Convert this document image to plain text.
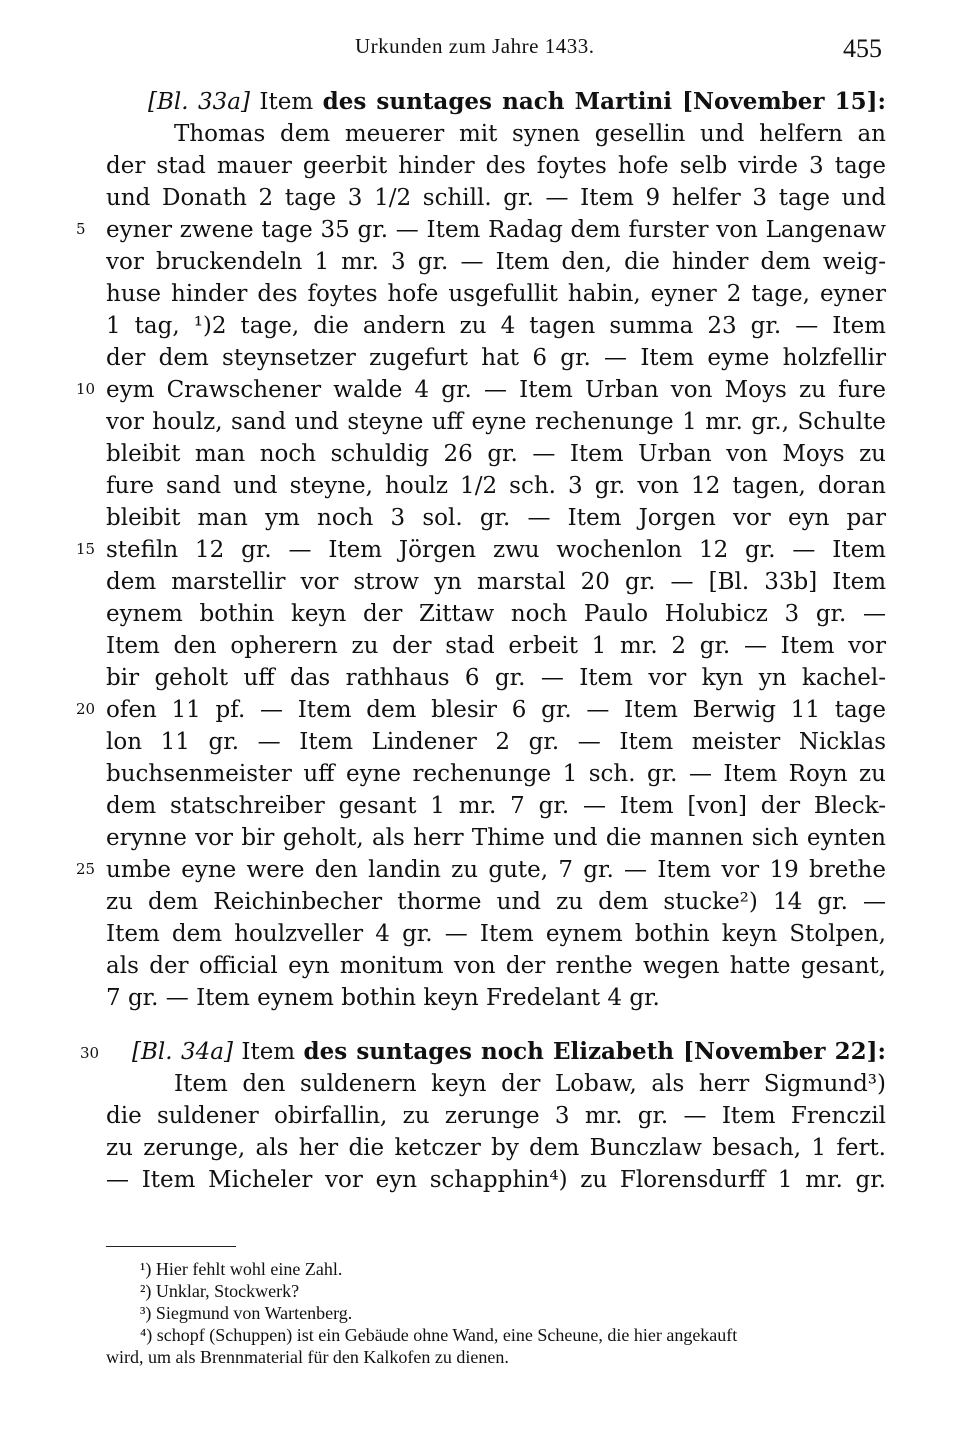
Urkunden zum Jahre 1433.	455
[Bl. 33a] Item des suntages nach Martini [November 15]:
Thomas dem meuerer mit synen gesellin und helfern an
der stad mauer geerbit hinder des foytes hofe selb virde 3 tage
und Donath 2 tage 3 1/2 schill. gr. — Item 9 helfer 3 tage und
eyner zwene tage 35 gr. — Item Radag dem furster von Langenaw
vor bruckendeln 1 mr. 3 gr. — Item den, die hinder dem weig-
huse hinder des foytes hofe usgefullit habin, eyner 2 tage, eyner
1 tag, ¹)2 tage, die andern zu 4 tagen summa 23 gr. — Item
der dem steynsetzer zugefurt hat 6 gr. — Item eyme holzfellir
eym Crawschener walde 4 gr. — Item Urban von Moys zu fure
vor houlz, sand und steyne uff eyne rechenunge 1 mr. gr., Schulte
bleibit man noch schuldig 26 gr. — Item Urban von Moys zu
fure sand und steyne, houlz 1/2 sch. 3 gr. von 12 tagen, doran
bleibit man ym noch 3 sol. gr. — Item Jorgen vor eyn par
stefiln 12 gr. — Item Jörgen zwu wochenlon 12 gr. — Item
dem marstellir vor strow yn marstal 20 gr. — [Bl. 33b] Item
eynem bothin keyn der Zittaw noch Paulo Holubicz 3 gr. —
Item den opherern zu der stad erbeit 1 mr. 2 gr. — Item vor
bir geholt uff das rathhaus 6 gr. — Item vor kyn yn kachel-
ofen 11 pf. — Item dem blesir 6 gr. — Item Berwig 11 tage
lon 11 gr. — Item Lindener 2 gr. — Item meister Nicklas
buchsenmeister uff eyne rechenunge 1 sch. gr. — Item Royn zu
dem statschreiber gesant 1 mr. 7 gr. — Item [von] der Bleck-
erynne vor bir geholt, als herr Thime und die mannen sich eynten
umbe eyne were den landin zu gute, 7 gr. — Item vor 19 brethe
zu dem Reichinbecher thorme und zu dem stucke²) 14 gr. —
Item dem houlzveller 4 gr. — Item eynem bothin keyn Stolpen,
als der official eyn monitum von der renthe wegen hatte gesant,
7 gr. — Item eynem bothin keyn Fredelant 4 gr.
[Bl. 34a] Item des suntages noch Elizabeth [November 22]:
Item den suldenern keyn der Lobaw, als herr Sigmund³)
die suldener obirfallin, zu zerunge 3 mr. gr. — Item Frenczil
zu zerunge, als her die ketczer by dem Bunczlaw besach, 1 fert.
— Item Micheler vor eyn schapphin⁴) zu Florensdurff 1 mr. gr.
5
10
15
20
25
30
¹) Hier fehlt wohl eine Zahl.
²) Unklar, Stockwerk?
³) Siegmund von Wartenberg.
⁴) schopf (Schuppen) ist ein Gebäude ohne Wand, eine Scheune, die hier angekauft
wird, um als Brennmaterial für den Kalkofen zu dienen.
